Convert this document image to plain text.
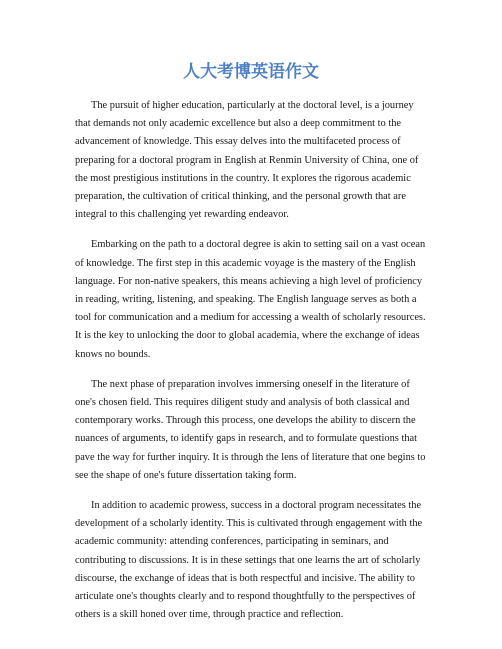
人大考博英语作文

The pursuit of higher education, particularly at the doctoral level, is a journey that demands not only academic excellence but also a deep commitment to the advancement of knowledge. This essay delves into the multifaceted process of preparing for a doctoral program in English at Renmin University of China, one of the most prestigious institutions in the country. It explores the rigorous academic preparation, the cultivation of critical thinking, and the personal growth that are integral to this challenging yet rewarding endeavor.

Embarking on the path to a doctoral degree is akin to setting sail on a vast ocean of knowledge. The first step in this academic voyage is the mastery of the English language. For non-native speakers, this means achieving a high level of proficiency in reading, writing, listening, and speaking. The English language serves as both a tool for communication and a medium for accessing a wealth of scholarly resources. It is the key to unlocking the door to global academia, where the exchange of ideas knows no bounds.

The next phase of preparation involves immersing oneself in the literature of one's chosen field. This requires diligent study and analysis of both classical and contemporary works. Through this process, one develops the ability to discern the nuances of arguments, to identify gaps in research, and to formulate questions that pave the way for further inquiry. It is through the lens of literature that one begins to see the shape of one's future dissertation taking form.

In addition to academic prowess, success in a doctoral program necessitates the development of a scholarly identity. This is cultivated through engagement with the academic community: attending conferences, participating in seminars, and contributing to discussions. It is in these settings that one learns the art of scholarly discourse, the exchange of ideas that is both respectful and incisive. The ability to articulate one's thoughts clearly and to respond thoughtfully to the perspectives of others is a skill honed over time, through practice and reflection.
